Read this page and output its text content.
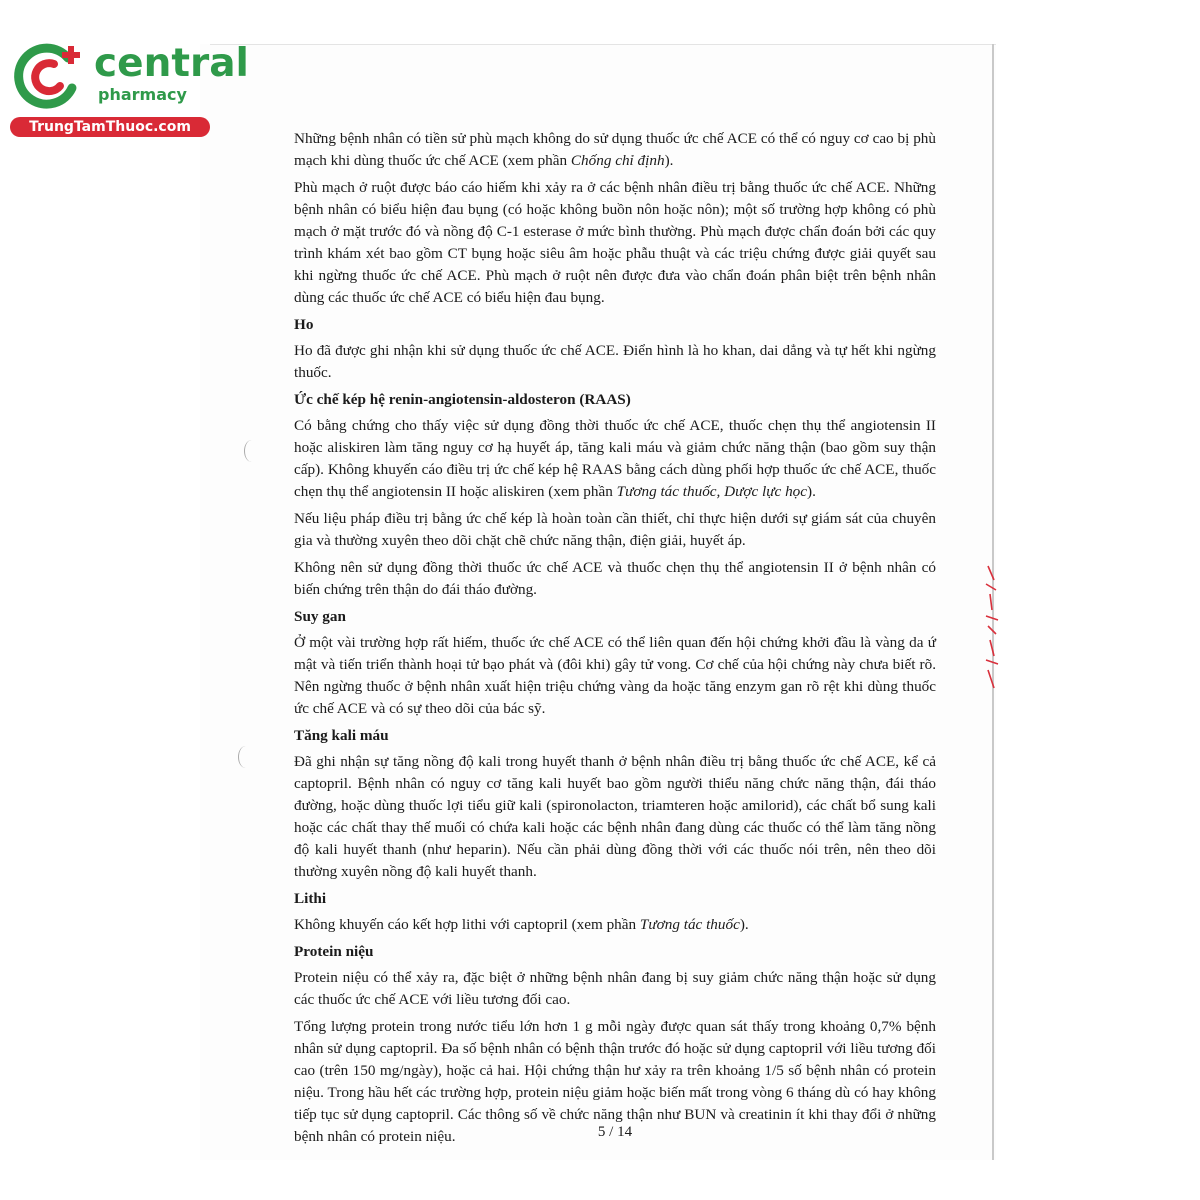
central
pharmacy
TrungTamThuoc.com

Những bệnh nhân có tiền sử phù mạch không do sử dụng thuốc ức chế ACE có thể có nguy cơ cao bị phù mạch khi dùng thuốc ức chế ACE (xem phần Chống chỉ định).

Phù mạch ở ruột được báo cáo hiếm khi xảy ra ở các bệnh nhân điều trị bằng thuốc ức chế ACE. Những bệnh nhân có biểu hiện đau bụng (có hoặc không buồn nôn hoặc nôn); một số trường hợp không có phù mạch ở mặt trước đó và nồng độ C-1 esterase ở mức bình thường. Phù mạch được chẩn đoán bởi các quy trình khám xét bao gồm CT bụng hoặc siêu âm hoặc phẫu thuật và các triệu chứng được giải quyết sau khi ngừng thuốc ức chế ACE. Phù mạch ở ruột nên được đưa vào chẩn đoán phân biệt trên bệnh nhân dùng các thuốc ức chế ACE có biểu hiện đau bụng.

Ho

Ho đã được ghi nhận khi sử dụng thuốc ức chế ACE. Điển hình là ho khan, dai dẳng và tự hết khi ngừng thuốc.

Ức chế kép hệ renin-angiotensin-aldosteron (RAAS)

Có bằng chứng cho thấy việc sử dụng đồng thời thuốc ức chế ACE, thuốc chẹn thụ thể angiotensin II hoặc aliskiren làm tăng nguy cơ hạ huyết áp, tăng kali máu và giảm chức năng thận (bao gồm suy thận cấp). Không khuyến cáo điều trị ức chế kép hệ RAAS bằng cách dùng phối hợp thuốc ức chế ACE, thuốc chẹn thụ thể angiotensin II hoặc aliskiren (xem phần Tương tác thuốc, Dược lực học).

Nếu liệu pháp điều trị bằng ức chế kép là hoàn toàn cần thiết, chỉ thực hiện dưới sự giám sát của chuyên gia và thường xuyên theo dõi chặt chẽ chức năng thận, điện giải, huyết áp.

Không nên sử dụng đồng thời thuốc ức chế ACE và thuốc chẹn thụ thể angiotensin II ở bệnh nhân có biến chứng trên thận do đái tháo đường.

Suy gan

Ở một vài trường hợp rất hiếm, thuốc ức chế ACE có thể liên quan đến hội chứng khởi đầu là vàng da ứ mật và tiến triển thành hoại tử bạo phát và (đôi khi) gây tử vong. Cơ chế của hội chứng này chưa biết rõ. Nên ngừng thuốc ở bệnh nhân xuất hiện triệu chứng vàng da hoặc tăng enzym gan rõ rệt khi dùng thuốc ức chế ACE và có sự theo dõi của bác sỹ.

Tăng kali máu

Đã ghi nhận sự tăng nồng độ kali trong huyết thanh ở bệnh nhân điều trị bằng thuốc ức chế ACE, kể cả captopril. Bệnh nhân có nguy cơ tăng kali huyết bao gồm người thiểu năng chức năng thận, đái tháo đường, hoặc dùng thuốc lợi tiểu giữ kali (spironolacton, triamteren hoặc amilorid), các chất bổ sung kali hoặc các chất thay thế muối có chứa kali hoặc các bệnh nhân đang dùng các thuốc có thể làm tăng nồng độ kali huyết thanh (như heparin). Nếu cần phải dùng đồng thời với các thuốc nói trên, nên theo dõi thường xuyên nồng độ kali huyết thanh.

Lithi

Không khuyến cáo kết hợp lithi với captopril (xem phần Tương tác thuốc).

Protein niệu

Protein niệu có thể xảy ra, đặc biệt ở những bệnh nhân đang bị suy giảm chức năng thận hoặc sử dụng các thuốc ức chế ACE với liều tương đối cao.

Tổng lượng protein trong nước tiểu lớn hơn 1 g mỗi ngày được quan sát thấy trong khoảng 0,7% bệnh nhân sử dụng captopril. Đa số bệnh nhân có bệnh thận trước đó hoặc sử dụng captopril với liều tương đối cao (trên 150 mg/ngày), hoặc cả hai. Hội chứng thận hư xảy ra trên khoảng 1/5 số bệnh nhân có protein niệu. Trong hầu hết các trường hợp, protein niệu giảm hoặc biến mất trong vòng 6 tháng dù có hay không tiếp tục sử dụng captopril. Các thông số về chức năng thận như BUN và creatinin ít khi thay đổi ở những bệnh nhân có protein niệu.	5 / 14
